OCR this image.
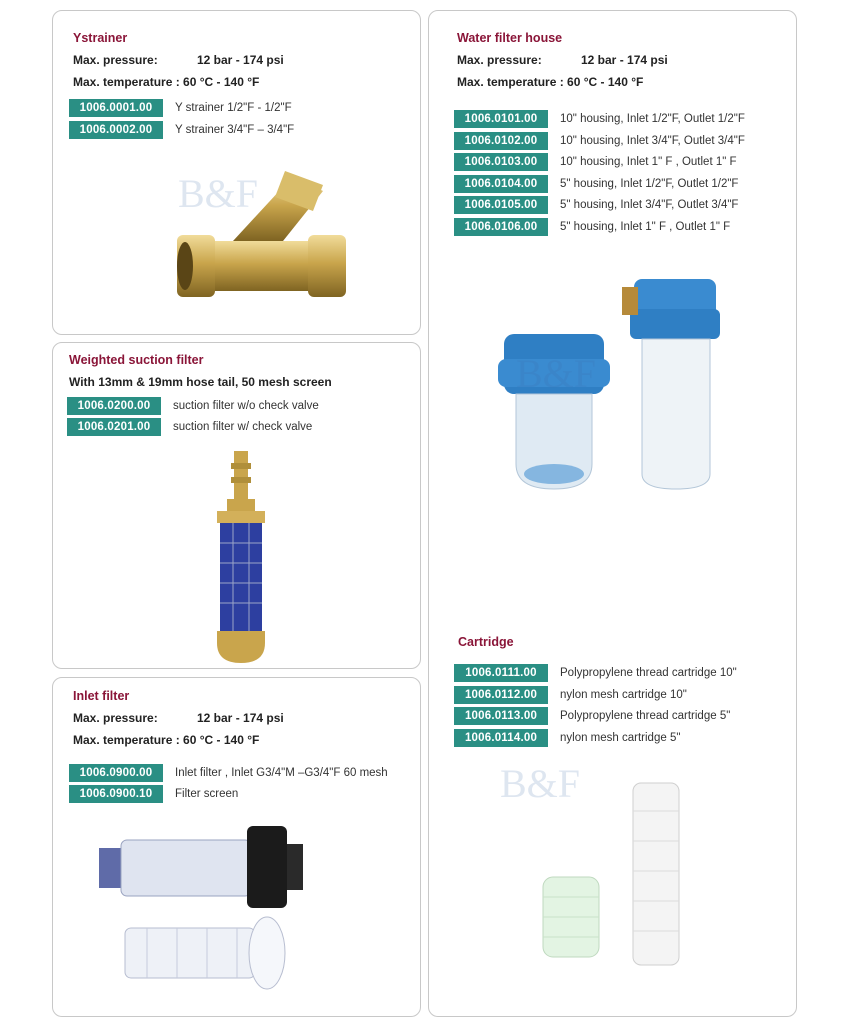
Ystrainer
Max. pressure:	12 bar - 174 psi
Max. temperature : 60 °C - 140 °F
1006.0001.00	Y strainer 1/2"F - 1/2"F
1006.0002.00	Y strainer 3/4"F – 3/4"F
Weighted suction filter
With 13mm & 19mm hose tail, 50 mesh screen
1006.0200.00	suction filter w/o check valve
1006.0201.00	suction filter w/ check valve
Inlet filter
Max. pressure:	12 bar - 174 psi
Max. temperature : 60 °C - 140 °F
1006.0900.00	Inlet filter , Inlet G3/4"M –G3/4"F 60 mesh
1006.0900.10	Filter screen
Water filter house
Max. pressure:	12 bar - 174 psi
Max. temperature : 60 °C - 140 °F
1006.0101.00	10" housing, Inlet 1/2"F, Outlet 1/2"F
1006.0102.00	10" housing, Inlet 3/4"F, Outlet 3/4"F
1006.0103.00	10" housing, Inlet 1" F , Outlet 1" F
1006.0104.00	5" housing, Inlet 1/2"F, Outlet 1/2"F
1006.0105.00	5" housing, Inlet 3/4"F, Outlet 3/4"F
1006.0106.00	5" housing, Inlet 1" F , Outlet 1" F
Cartridge
1006.0111.00	Polypropylene thread cartridge 10"
1006.0112.00	nylon mesh cartridge 10"
1006.0113.00	Polypropylene thread cartridge 5"
1006.0114.00	nylon mesh cartridge 5"
